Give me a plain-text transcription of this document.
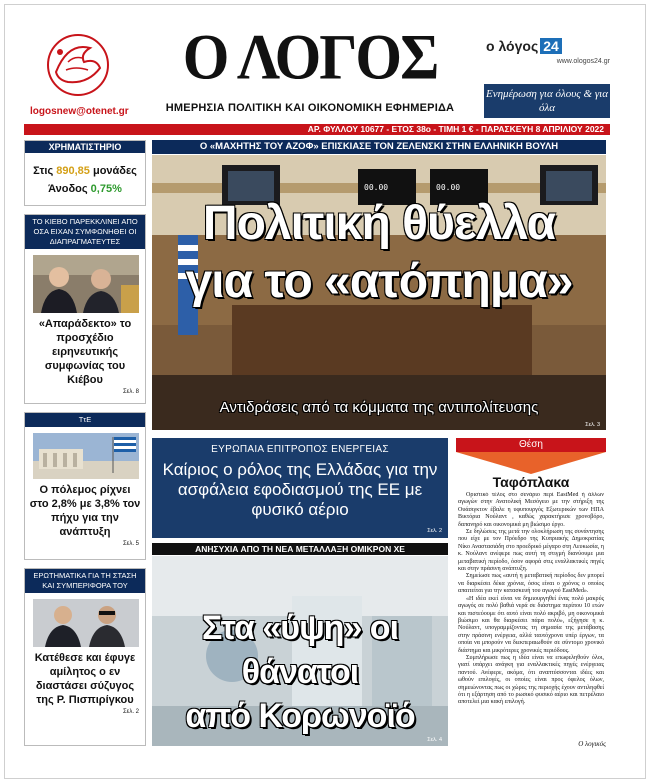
logosnew@otenet.gr
Ο ΛΟΓΟΣ
ΗΜΕΡΗΣΙΑ ΠΟΛΙΤΙΚΗ ΚΑΙ ΟΙΚΟΝΟΜΙΚΗ ΕΦΗΜΕΡΙΔΑ
ο λόγος 24
www.ologos24.gr
Ενημέρωση για όλους & για όλα
ΑΡ. ΦΥΛΛΟΥ 10677 - ΕΤΟΣ 38ο - ΤΙΜΗ 1 € - ΠΑΡΑΣΚΕΥΗ 8 ΑΠΡΙΛΙΟΥ 2022
ΧΡΗΜΑΤΙΣΤΗΡΙΟ
Στις 890,85 μονάδες
Άνοδος 0,75%
ΤΟ ΚΙΕΒΟ ΠΑΡΕΚΚΛΙΝΕΙ ΑΠΟ ΟΣΑ ΕΙΧΑΝ ΣΥΜΦΩΝΗΘΕΙ ΟΙ ΔΙΑΠΡΑΓΜΑΤΕΥΤΕΣ
«Απαράδεκτο» το προσχέδιο ειρηνευτικής συμφωνίας του Κιέβου
Σελ. 8
ΤτΕ
Ο πόλεμος ρίχνει στο 2,8% με 3,8% τον πήχυ για την ανάπτυξη
Σελ. 5
ΕΡΩΤΗΜΑΤΙΚΑ ΓΙΑ ΤΗ ΣΤΑΣΗ ΚΑΙ ΣΥΜΠΕΡΙΦΟΡΑ ΤΟΥ
Κατέθεσε και έφυγε αμίλητος ο εν διαστάσει σύζυγος της Ρ. Πισπιρίγκου
Σελ. 2
Ο «ΜΑΧΗΤΗΣ ΤΟΥ ΑΖΟΦ» ΕΠΙΣΚΙΑΣΕ ΤΟΝ ΖΕΛΕΝΣΚΙ ΣΤΗΝ ΕΛΛΗΝΙΚΗ ΒΟΥΛΗ
00.00	00.00
Πολιτική θύελλα
για το «ατόπημα»
Αντιδράσεις από τα κόμματα της αντιπολίτευσης
Σελ. 3
ΕΥΡΩΠΑΙΑ ΕΠΙΤΡΟΠΟΣ ΕΝΕΡΓΕΙΑΣ
Καίριος ο ρόλος της Ελλάδας για την ασφάλεια εφοδιασμού της ΕΕ με φυσικό αέριο
Σελ. 2
ΑΝΗΣΥΧΙΑ ΑΠΟ ΤΗ ΝΕΑ ΜΕΤΑΛΛΑΞΗ ΟΜΙΚΡΟΝ ΧΕ
Στα «ύψη» οι θάνατοι
από Κορωνοϊό
Σελ. 4
Θέση
Ταφόπλακα

Οριστικό τέλος στο σενάριο περί EastMed ή άλλων αγωγών στην Ανατολική Μεσόγειο με την στήριξη της Ουάσιγκτον έβαλε η υφυπουργός Εξωτερικών των ΗΠΑ Βικτόρια Νούλαντ , καθώς χαρακτήρισε χρονοβόρο, δαπανηρό και οικονομικά μη βιώσιμο έργο.

Σε δηλώσεις της μετά την ολοκλήρωση της συνάντησης που είχε με τον Πρόεδρο της Κυπριακής Δημοκρατίας Νίκο Αναστασιάδη στο προεδρικό μέγαρο στη Λευκωσία, η κ. Νούλαντ ανέφερε πως αυτή τη στιγμή διανύουμε μια μεταβατική περίοδο, όσον αφορά στις εναλλακτικές πηγές και στην πράσινη ανάπτυξη.

Σημείωσε πως «αυτή η μεταβατική περίοδος δεν μπορεί να διαρκέσει δέκα χρόνια, όσος είναι ο χρόνος ο οποίος απαιτείται για την κατασκευή του αγωγού EastMed».

«Η ιδέα εκεί είναι να δημιουργηθεί ένας πολύ μακρύς αγωγός σε πολύ βαθιά νερά σε διάστημα περίπου 10 ετών και πιστεύουμε ότι αυτό είναι πολύ ακριβό, μη οικονομικά βιώσιμο και θα διαρκέσει πάρα πολύ», εξήγησε η κ. Νούλαντ, υπογραμμίζοντας τη σημασία της μετάβασης στην πράσινη ενέργεια, αλλά ταυτόχρονα υπέρ έργων, τα οποία να μπορούν να διεκπεραιωθούν σε σύντομο χρονικό διάστημα και μικρότερες χρονικές περιόδους.

Συμπλήρωσε πως η ιδέα είναι να επωφεληθούν όλοι, γιατί υπάρχει ανάγκη για εναλλακτικές πηγές ενέργειας παντού. Ανέφερε, ακόμα, ότι αναπτύσσονται ιδέες και ωθούν επιλογές, οι οποίες είναι προς όφελος όλων, σημειώνοντας πως οι χώρες της περιοχής έχουν αντιληφθεί ότι η εξάρτηση από το ρωσικό φυσικό αέριο και πετρέλαιο αποτελεί μια κακή επιλογή.

Ο λογικός
